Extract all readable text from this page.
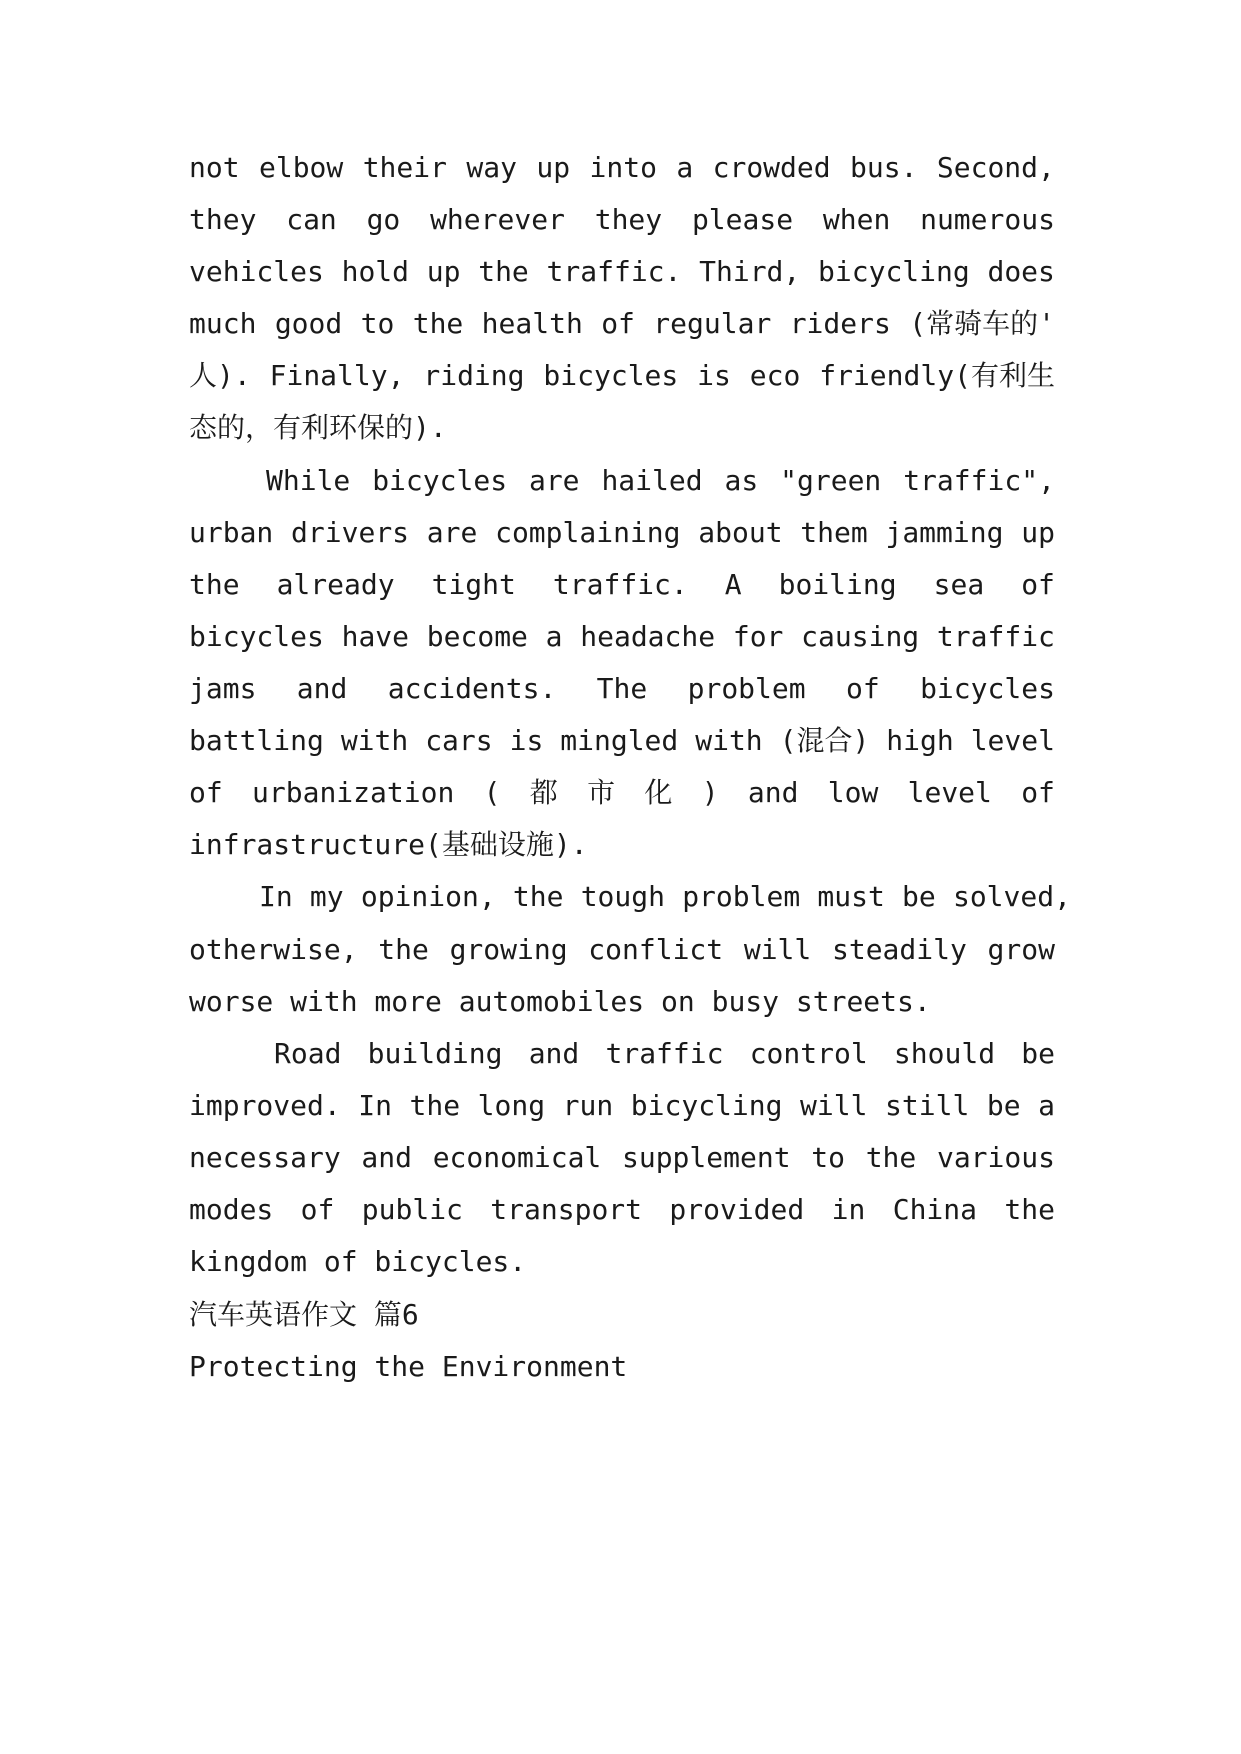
not elbow their way up into a crowded bus. Second,
they can go wherever they please when numerous
vehicles hold up the traffic. Third, bicycling does
much good to the health of regular riders (常骑车的'
人). Finally, riding bicycles is eco friendly(有利生
态的，有利环保的).
While bicycles are hailed as "green traffic",
urban drivers are complaining about them jamming up
the already tight traffic. A boiling sea of
bicycles have become a headache for causing traffic
jams and accidents. The problem of bicycles
battling with cars is mingled with (混合) high level
of urbanization ( 都 市 化 ) and low level of
infrastructure(基础设施).
In my opinion, the tough problem must be solved,
otherwise, the growing conflict will steadily grow
worse with more automobiles on busy streets.
Road building and traffic control should be
improved. In the long run bicycling will still be a
necessary and economical supplement to the various
modes of public transport provided in China the
kingdom of bicycles.
汽车英语作文 篇6
Protecting the Environment
